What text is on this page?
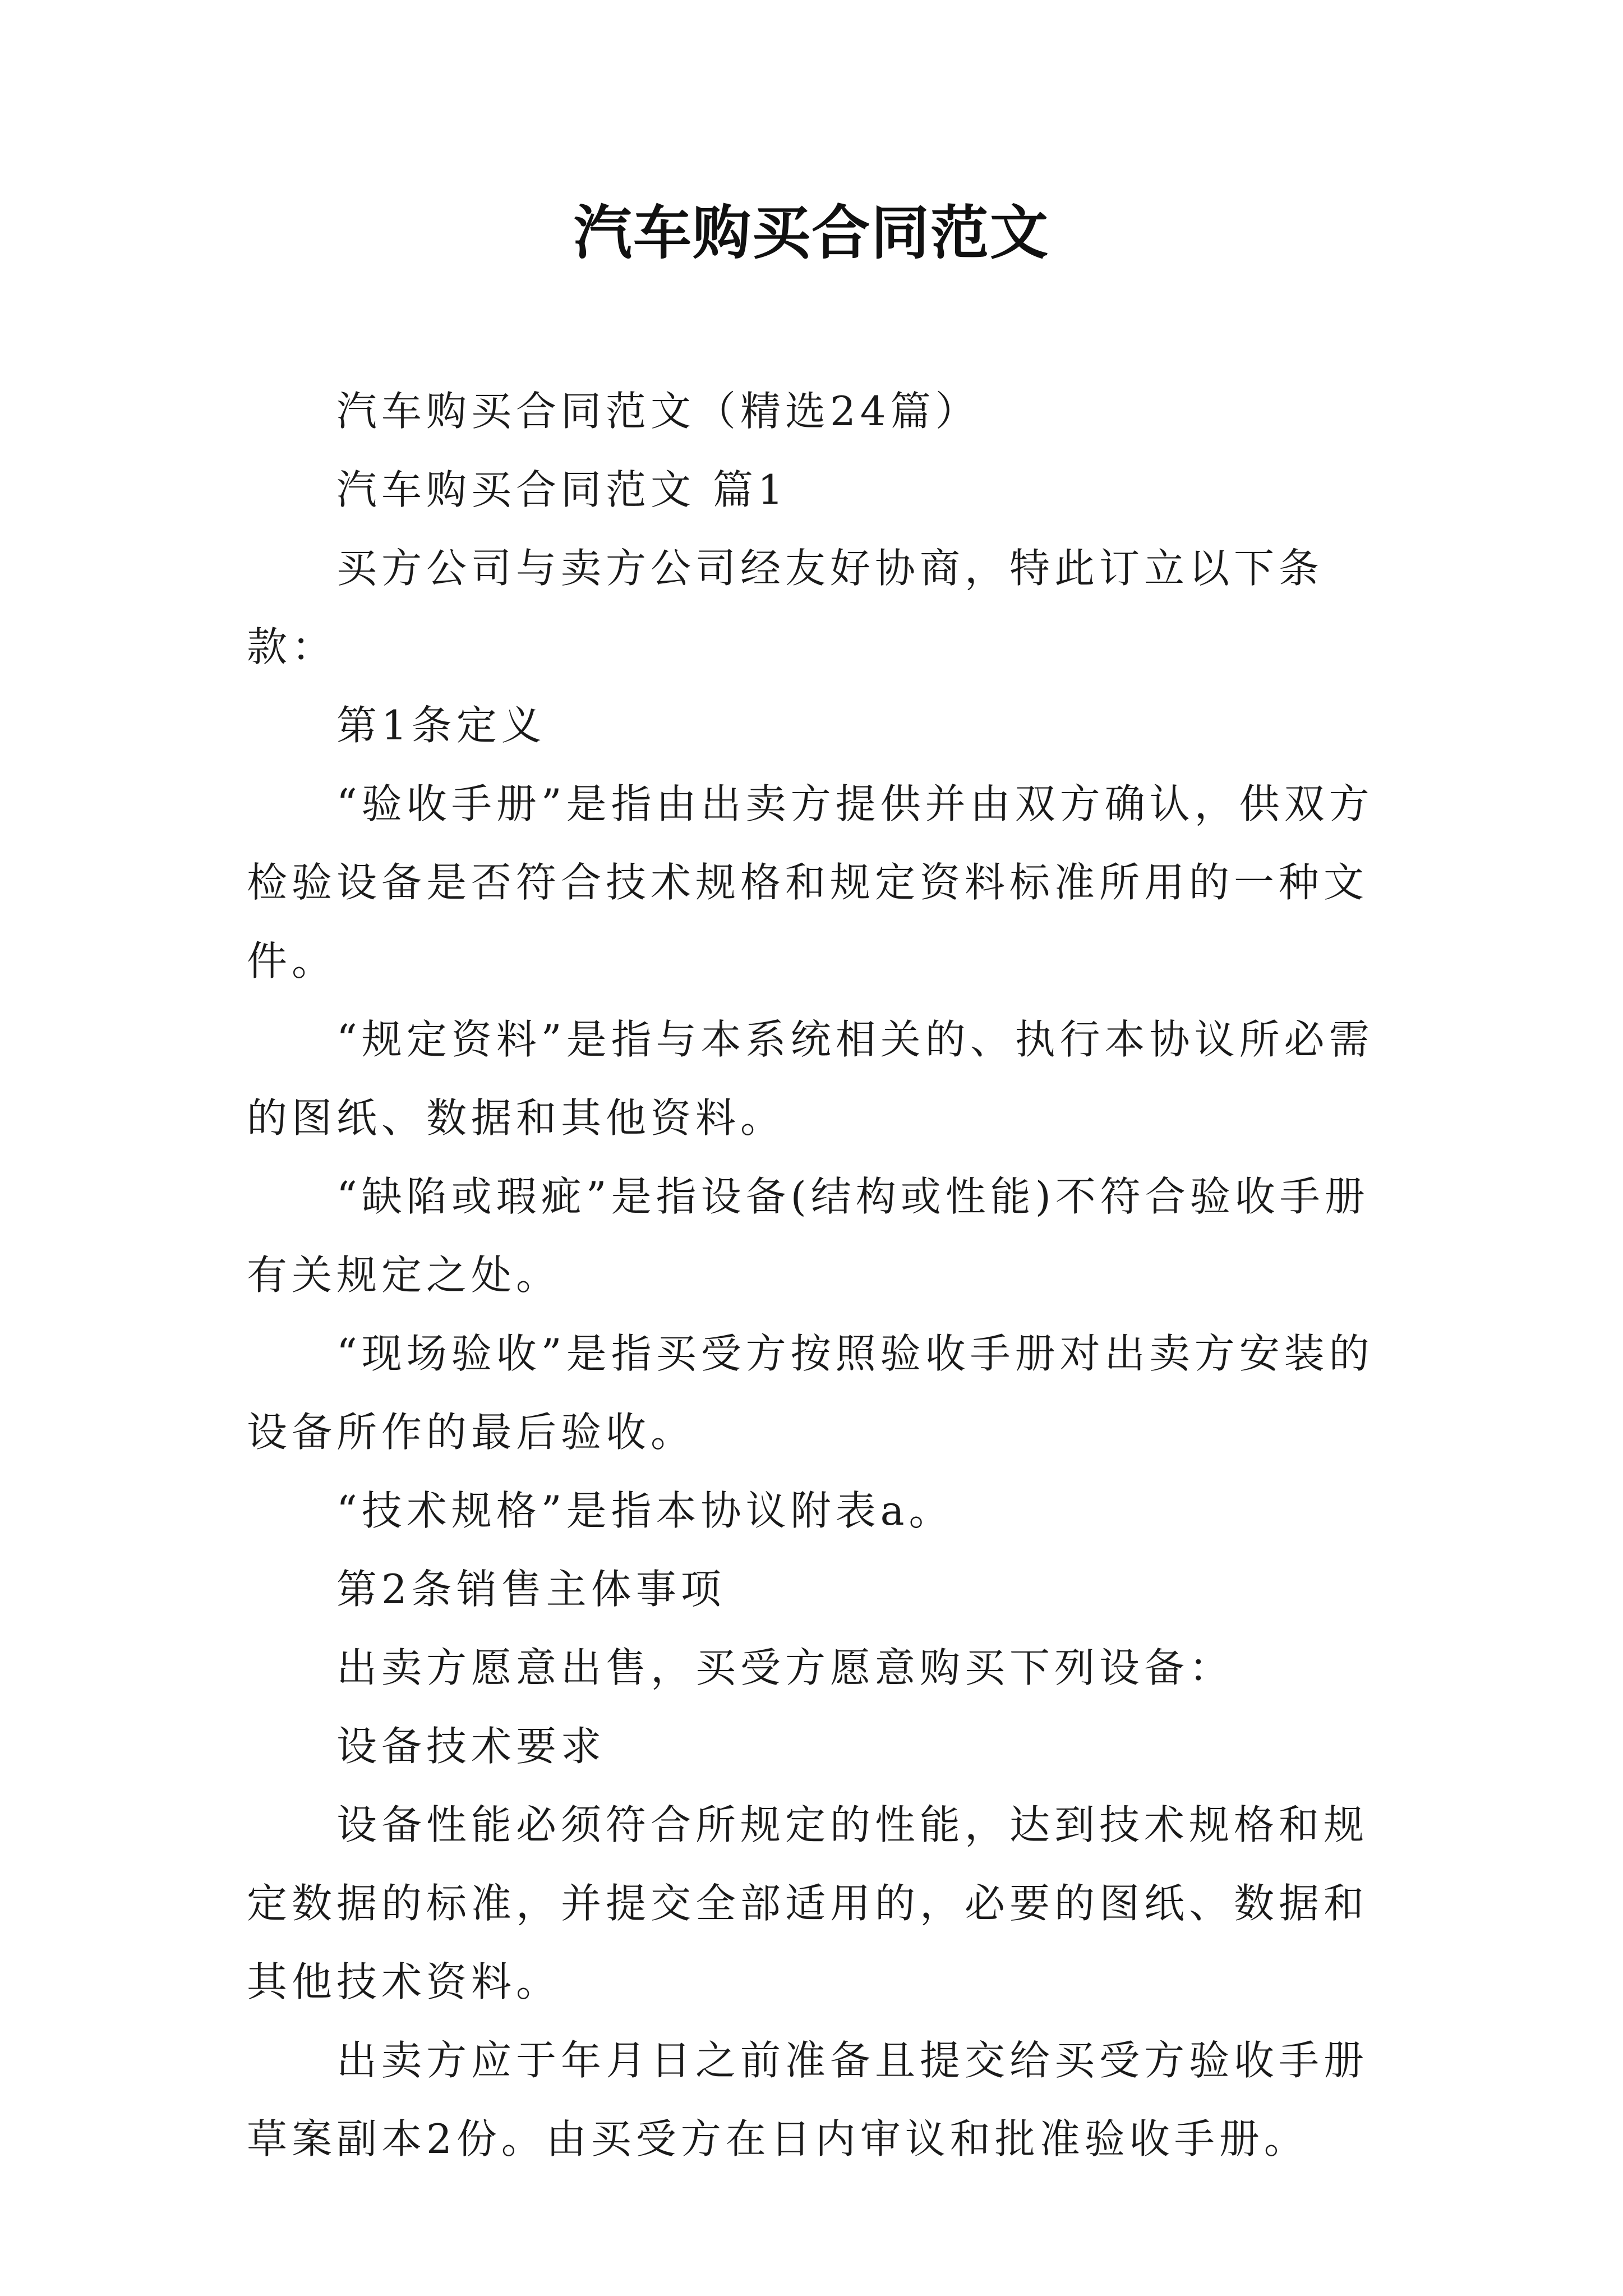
汽车购买合同范文

汽车购买合同范文（精选24篇）

汽车购买合同范文 篇1

买方公司与卖方公司经友好协商，特此订立以下条款：

第1条定义

“验收手册”是指由出卖方提供并由双方确认，供双方检验设备是否符合技术规格和规定资料标准所用的一种文件。

“规定资料”是指与本系统相关的、执行本协议所必需的图纸、数据和其他资料。

“缺陷或瑕疵”是指设备(结构或性能)不符合验收手册有关规定之处。

“现场验收”是指买受方按照验收手册对出卖方安装的设备所作的最后验收。

“技术规格”是指本协议附表a。

第2条销售主体事项

出卖方愿意出售，买受方愿意购买下列设备：

设备技术要求

设备性能必须符合所规定的性能，达到技术规格和规定数据的标准，并提交全部适用的，必要的图纸、数据和其他技术资料。

出卖方应于年月日之前准备且提交给买受方验收手册草案副本2份。由买受方在日内审议和批准验收手册。
